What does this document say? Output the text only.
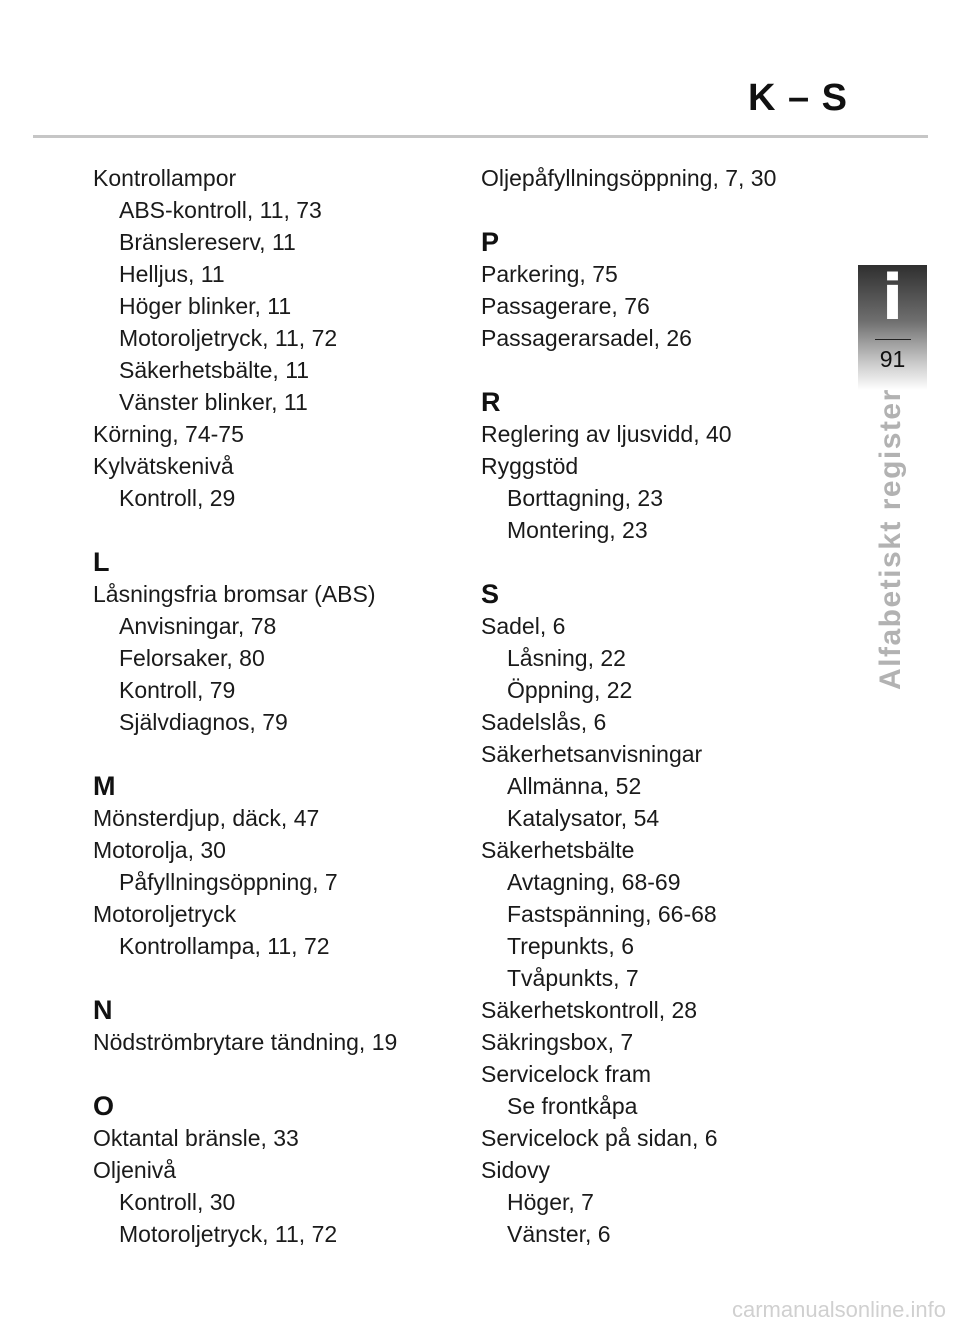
K – S
i
91
Alfabetiskt register
Kontrollampor
ABS-kontroll, 11, 73
Bränslereserv, 11
Helljus, 11
Höger blinker, 11
Motoroljetryck, 11, 72
Säkerhetsbälte, 11
Vänster blinker, 11
Körning, 74-75
Kylvätskenivå
Kontroll, 29
L
Låsningsfria bromsar (ABS)
Anvisningar, 78
Felorsaker, 80
Kontroll, 79
Självdiagnos, 79
M
Mönsterdjup, däck, 47
Motorolja, 30
Påfyllningsöppning, 7
Motoroljetryck
Kontrollampa, 11, 72
N
Nödströmbrytare tändning, 19
O
Oktantal bränsle, 33
Oljenivå
Kontroll, 30
Motoroljetryck, 11, 72
Oljepåfyllningsöppning, 7, 30
P
Parkering, 75
Passagerare, 76
Passagerarsadel, 26
R
Reglering av ljusvidd, 40
Ryggstöd
Borttagning, 23
Montering, 23
S
Sadel, 6
Låsning, 22
Öppning, 22
Sadelslås, 6
Säkerhetsanvisningar
Allmänna, 52
Katalysator, 54
Säkerhetsbälte
Avtagning, 68-69
Fastspänning, 66-68
Trepunkts, 6
Tvåpunkts, 7
Säkerhetskontroll, 28
Säkringsbox, 7
Servicelock fram
Se frontkåpa
Servicelock på sidan, 6
Sidovy
Höger, 7
Vänster, 6
carmanualsonline.info
